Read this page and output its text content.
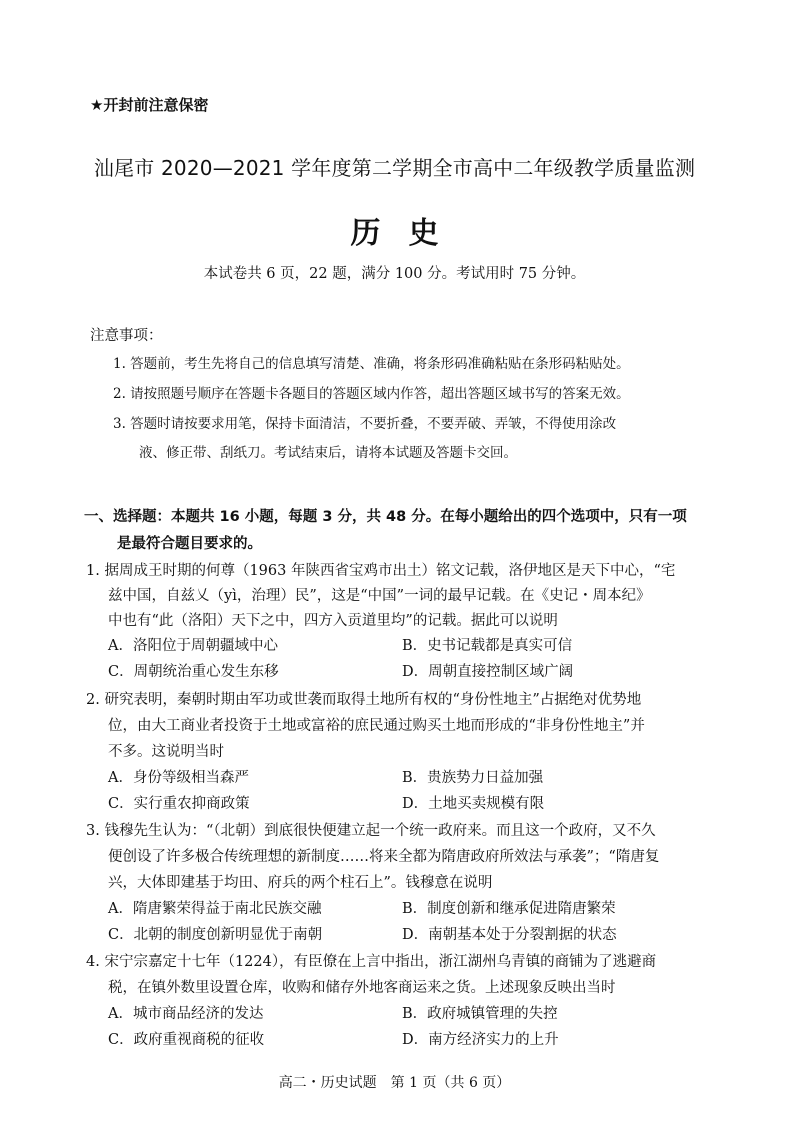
★开封前注意保密
汕尾市 2020—2021 学年度第二学期全市高中二年级教学质量监测
历史
本试卷共 6 页，22 题，满分 100 分。考试用时 75 分钟。
注意事项：
1. 答题前，考生先将自己的信息填写清楚、准确，将条形码准确粘贴在条形码粘贴处。
2. 请按照题号顺序在答题卡各题目的答题区域内作答，超出答题区域书写的答案无效。
3. 答题时请按要求用笔，保持卡面清洁，不要折叠，不要弄破、弄皱，不得使用涂改
液、修正带、刮纸刀。考试结束后，请将本试题及答题卡交回。
一、选择题：本题共 16 小题，每题 3 分，共 48 分。在每小题给出的四个选项中，只有一项
是最符合题目要求的。
1. 据周成王时期的何尊（1963 年陕西省宝鸡市出土）铭文记载，洛伊地区是天下中心，“宅
兹中国，自兹乂（yì，治理）民”，这是“中国”一词的最早记载。在《史记・周本纪》
中也有“此（洛阳）天下之中，四方入贡道里均”的记载。据此可以说明
A．洛阳位于周朝疆域中心	B．史书记载都是真实可信
C．周朝统治重心发生东移	D．周朝直接控制区域广阔
2. 研究表明，秦朝时期由军功或世袭而取得土地所有权的“身份性地主”占据绝对优势地
位，由大工商业者投资于土地或富裕的庶民通过购买土地而形成的“非身份性地主”并
不多。这说明当时
A．身份等级相当森严	B．贵族势力日益加强
C．实行重农抑商政策	D．土地买卖规模有限
3. 钱穆先生认为：“（北朝）到底很快便建立起一个统一政府来。而且这一个政府，又不久
便创设了许多极合传统理想的新制度……将来全都为隋唐政府所效法与承袭”；“隋唐复
兴，大体即建基于均田、府兵的两个柱石上”。钱穆意在说明
A．隋唐繁荣得益于南北民族交融	B．制度创新和继承促进隋唐繁荣
C．北朝的制度创新明显优于南朝	D．南朝基本处于分裂割据的状态
4. 宋宁宗嘉定十七年（1224），有臣僚在上言中指出，浙江湖州乌青镇的商铺为了逃避商
税，在镇外数里设置仓库，收购和储存外地客商运来之货。上述现象反映出当时
A．城市商品经济的发达	B．政府城镇管理的失控
C．政府重视商税的征收	D．南方经济实力的上升
高二・历史试题　第 1 页（共 6 页）
